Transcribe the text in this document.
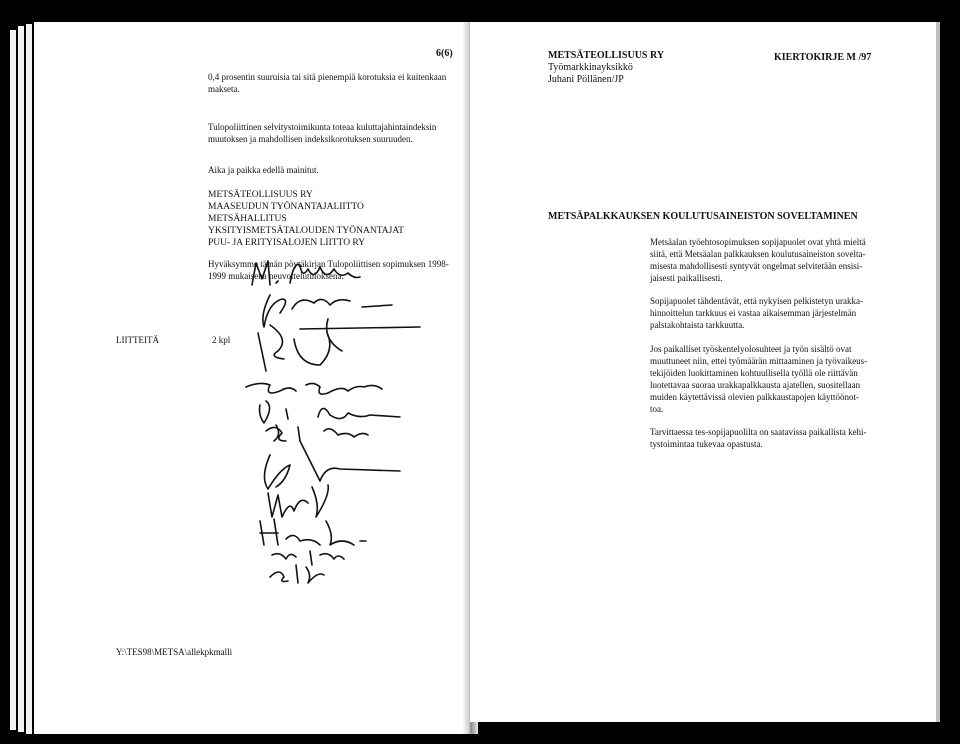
6(6)

0,4 prosentin suuruisia tai sitä pienempiä korotuksia ei kuitenkaan

makseta.

Tulopoliittinen selvitystoimikunta toteaa kuluttajahintaindeksin

muutoksen ja mahdollisen indeksikorotuksen suuruuden.

Aika ja paikka edellä mainitut.

METSÄTEOLLISUUS RY

MAASEUDUN TYÖNANTAJALIITTO

METSÄHALLITUS

YKSITYISMETSÄTALOUDEN TYÖNANTAJAT

PUU- JA ERITYISALOJEN LIITTO RY

Hyväksymme tämän pöytäkirjan Tulopoliittisen sopimuksen 1998-

1999 mukaisena neuvottelutuloksena:

LIITTEITÄ	2 kpl
Y:\TES98\METSA\allekpkmalli
METSÄTEOLLISUUS RY
Työmarkkinayksikkö
Juhani Pöllänen/JP
KIERTOKIRJE M /97
METSÄPALKKAUKSEN KOULUTUSAINEISTON SOVELTAMINEN

Metsäalan työehtosopimuksen sopijapuolet ovat yhtä mieltä

siitä, että Metsäalan palkkauksen koulutusaineiston sovelta-

misesta mahdollisesti syntyvät ongelmat selvitetään ensisi-

jaisesti paikallisesti.

Sopijapuolet tähdentävät, että nykyisen pelkistetyn urakka-

hinnoittelun tarkkuus ei vastaa aikaisemman järjestelmän

palstakohtaista tarkkuutta.

Jos paikalliset työskentelyolosuhteet ja työn sisältö ovat

muuttuneet niin, ettei työmäärän mittaaminen ja työvaikeus-

tekijöiden luokittaminen kohtuullisella työllä ole riittävän

luotettavaa suoraa urakkapalkkausta ajatellen, suositellaan

muiden käytettävissä olevien palkkaustapojen käyttöönot-

toa.

Tarvittaessa tes-sopijapuolilta on saatavissa paikallista kehi-

tystoimintaa tukevaa opastusta.
